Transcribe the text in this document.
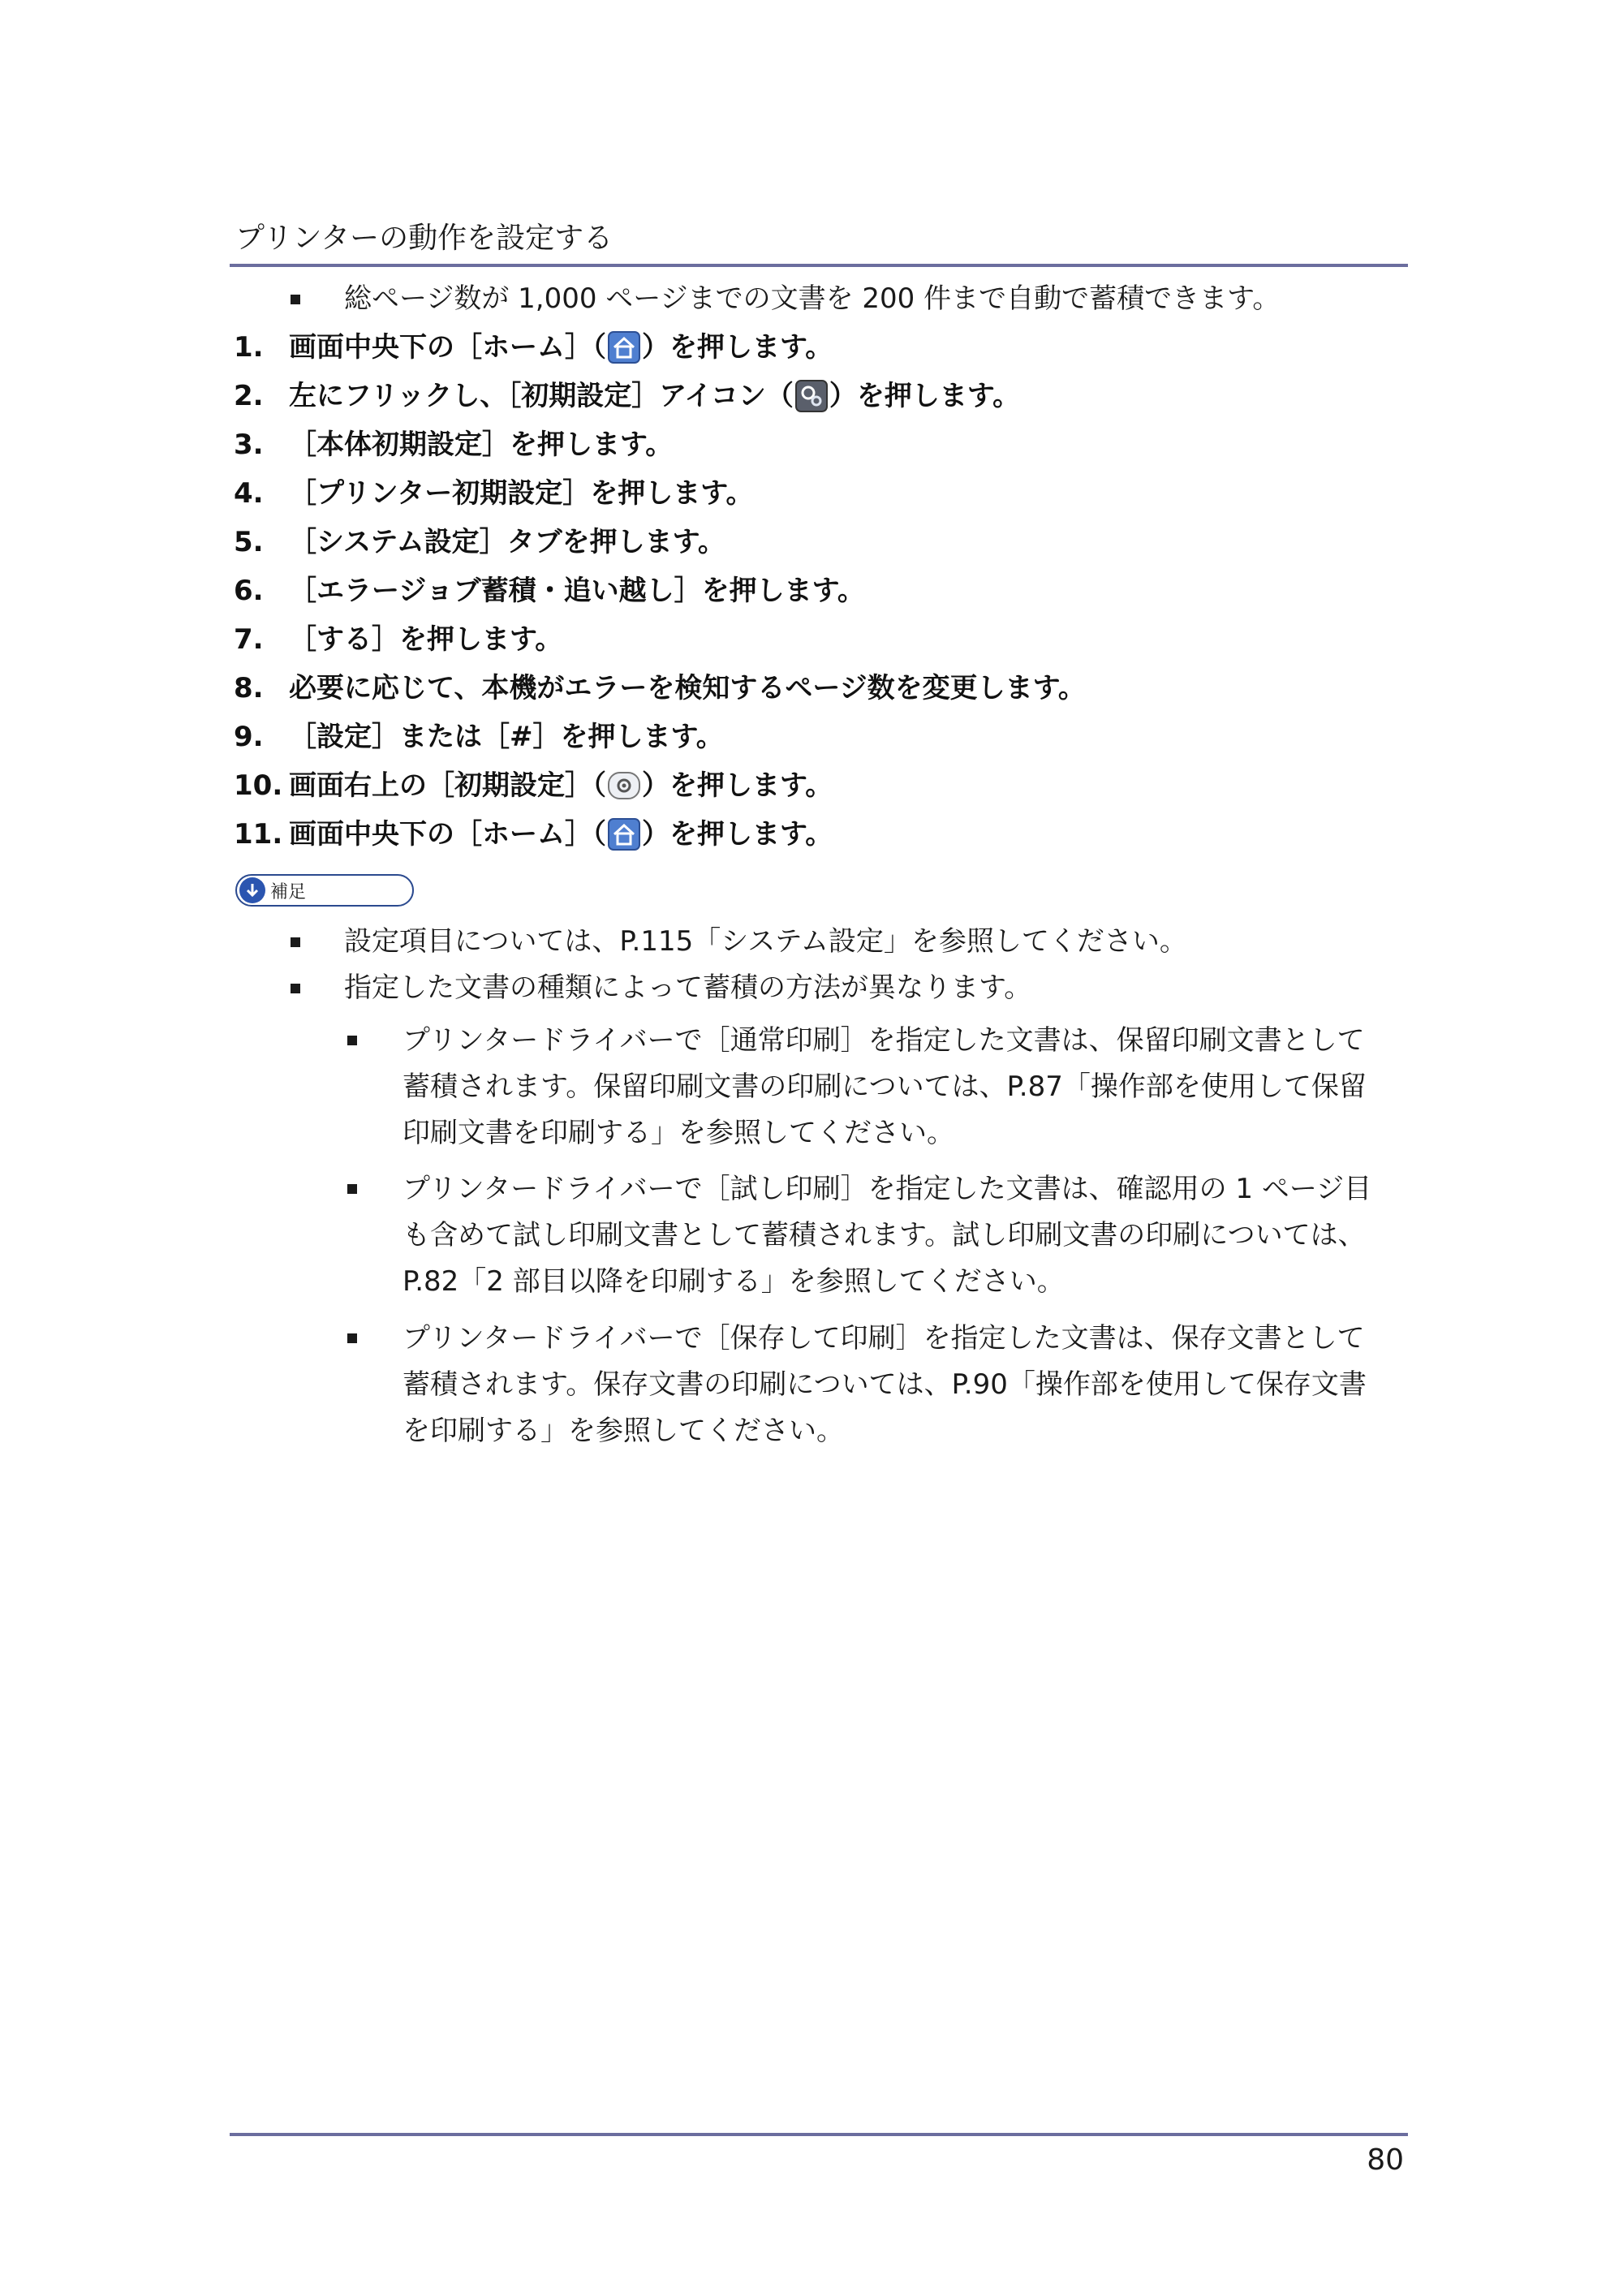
プリンターの動作を設定する
総ページ数が 1,000 ページまでの文書を 200 件まで自動で蓄積できます。
1. 画面中央下の［ホーム］（ ）を押します。
2. 左にフリックし、［初期設定］アイコン（ ）を押します。
3. ［本体初期設定］を押します。
4. ［プリンター初期設定］を押します。
5. ［システム設定］タブを押します。
6. ［エラージョブ蓄積・追い越し］を押します。
7. ［する］を押します。
8. 必要に応じて、本機がエラーを検知するページ数を変更します。
9. ［設定］または［#］を押します。
10. 画面右上の［初期設定］（ ）を押します。
11. 画面中央下の［ホーム］（ ）を押します。
補足
設定項目については、P.115「システム設定」を参照してください。
指定した文書の種類によって蓄積の方法が異なります。
プリンタードライバーで［通常印刷］を指定した文書は、保留印刷文書として
蓄積されます。保留印刷文書の印刷については、P.87「操作部を使用して保留
印刷文書を印刷する」を参照してください。
プリンタードライバーで［試し印刷］を指定した文書は、確認用の 1 ページ目
も含めて試し印刷文書として蓄積されます。試し印刷文書の印刷については、
P.82「2 部目以降を印刷する」を参照してください。
プリンタードライバーで［保存して印刷］を指定した文書は、保存文書として
蓄積されます。保存文書の印刷については、P.90「操作部を使用して保存文書
を印刷する」を参照してください。
80
